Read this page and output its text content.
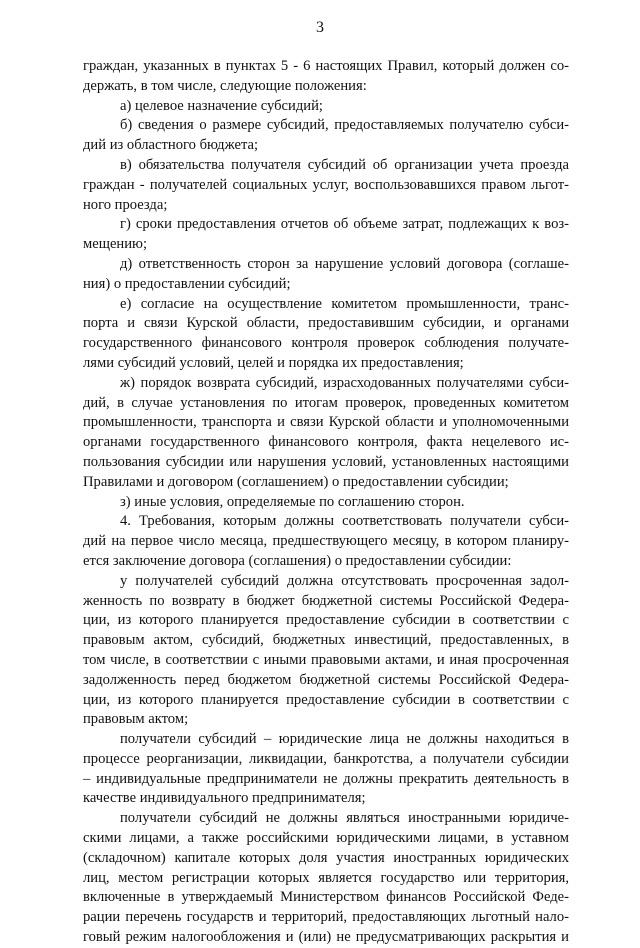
3
граждан, указанных в пунктах 5 - 6 настоящих Правил, который должен со-
держать, в том числе, следующие положения:
а) целевое назначение субсидий;
б) сведения о размере субсидий, предоставляемых получателю субси-
дий из областного бюджета;
в) обязательства получателя субсидий об организации учета проезда
граждан - получателей социальных услуг, воспользовавшихся правом льгот-
ного проезда;
г) сроки предоставления отчетов об объеме затрат, подлежащих к воз-
мещению;
д) ответственность сторон за нарушение условий договора (соглаше-
ния) о предоставлении субсидий;
е) согласие на осуществление комитетом промышленности, транс-
порта и связи Курской области, предоставившим субсидии, и органами
государственного финансового контроля проверок соблюдения получате-
лями субсидий условий, целей и порядка их предоставления;
ж) порядок возврата субсидий, израсходованных получателями субси-
дий, в случае установления по итогам проверок, проведенных комитетом
промышленности, транспорта и связи Курской области и уполномоченными
органами государственного финансового контроля, факта нецелевого ис-
пользования субсидии или нарушения условий, установленных настоящими
Правилами и договором (соглашением) о предоставлении субсидии;
з) иные условия, определяемые по соглашению сторон.
4. Требования, которым должны соответствовать получатели субси-
дий на первое число месяца, предшествующего месяцу, в котором планиру-
ется заключение договора (соглашения) о предоставлении субсидии:
у получателей субсидий должна отсутствовать просроченная задол-
женность по возврату в бюджет бюджетной системы Российской Федера-
ции, из которого планируется предоставление субсидии в соответствии с
правовым актом, субсидий, бюджетных инвестиций, предоставленных, в
том числе, в соответствии с иными правовыми актами, и иная просроченная
задолженность перед бюджетом бюджетной системы Российской Федера-
ции, из которого планируется предоставление субсидии в соответствии с
правовым актом;
получатели субсидий – юридические лица не должны находиться в
процессе реорганизации, ликвидации, банкротства, а получатели субсидии
– индивидуальные предприниматели не должны прекратить деятельность в
качестве индивидуального предпринимателя;
получатели субсидий не должны являться иностранными юридиче-
скими лицами, а также российскими юридическими лицами, в уставном
(складочном) капитале которых доля участия иностранных юридических
лиц, местом регистрации которых является государство или территория,
включенные в утверждаемый Министерством финансов Российской Феде-
рации перечень государств и территорий, предоставляющих льготный нало-
говый режим налогообложения и (или) не предусматривающих раскрытия и
